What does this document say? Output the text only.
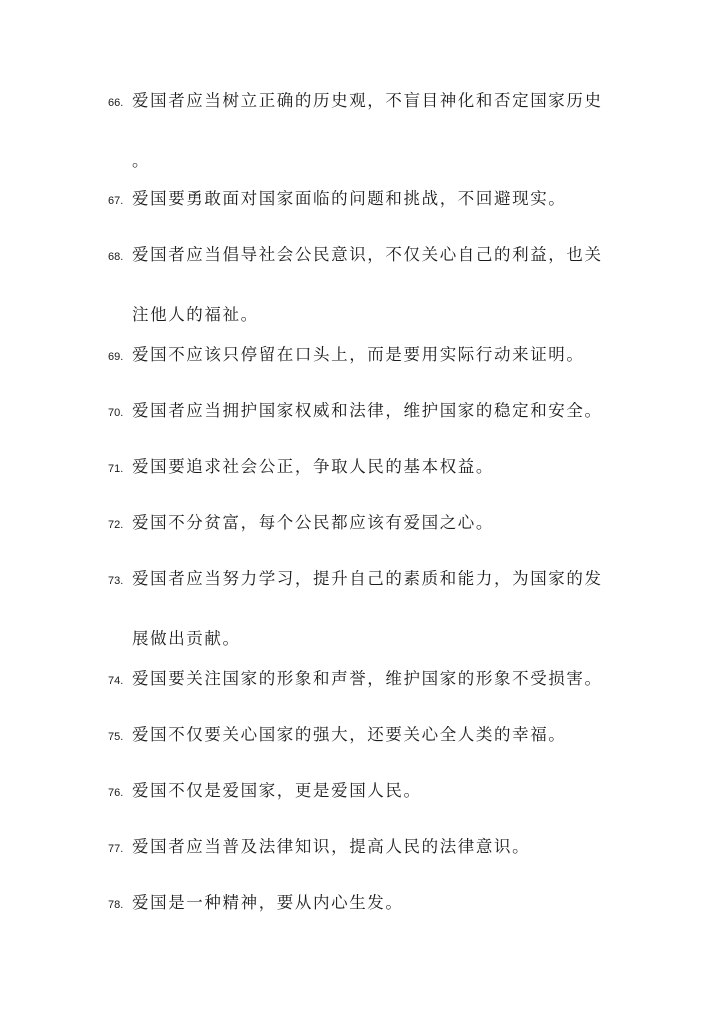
66. 爱国者应当树立正确的历史观，不盲目神化和否定国家历史
。
67. 爱国要勇敢面对国家面临的问题和挑战，不回避现实。
68. 爱国者应当倡导社会公民意识，不仅关心自己的利益，也关
注他人的福祉。
69. 爱国不应该只停留在口头上，而是要用实际行动来证明。
70. 爱国者应当拥护国家权威和法律，维护国家的稳定和安全。
71. 爱国要追求社会公正，争取人民的基本权益。
72. 爱国不分贫富，每个公民都应该有爱国之心。
73. 爱国者应当努力学习，提升自己的素质和能力，为国家的发
展做出贡献。
74. 爱国要关注国家的形象和声誉，维护国家的形象不受损害。
75. 爱国不仅要关心国家的强大，还要关心全人类的幸福。
76. 爱国不仅是爱国家，更是爱国人民。
77. 爱国者应当普及法律知识，提高人民的法律意识。
78. 爱国是一种精神，要从内心生发。
